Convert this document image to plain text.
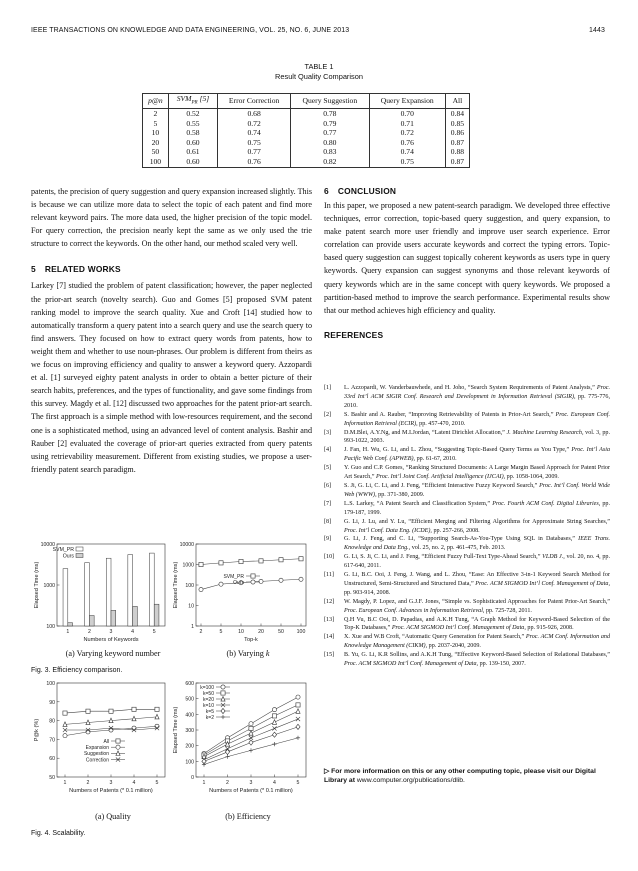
IEEE TRANSACTIONS ON KNOWLEDGE AND DATA ENGINEERING, VOL. 25, NO. 6, JUNE 2013	1443
TABLE 1
Result Quality Comparison
p@n	$SVM_{PR}$ [5]	Error Correction	Query Suggestion	Query Expansion	All
2	0.52	0.68	0.78	0.70	0.84
5	0.55	0.72	0.79	0.71	0.85
10	0.58	0.74	0.77	0.72	0.86
20	0.60	0.75	0.80	0.76	0.87
50	0.61	0.77	0.83	0.74	0.88
100	0.60	0.76	0.82	0.75	0.87

patents, the precision of query suggestion and query expansion increased slightly. This is because we can utilize more data to select the topic of each patent and find more relevant keyword pairs. The more data used, the higher precision of the topic model. For query correction, the precision nearly kept the same as we only used the trie structure to correct the keywords. On the other hand, our method scaled very well.

5 RELATED WORKS

Larkey [7] studied the problem of patent classification; however, the paper neglected the prior-art search (novelty search). Guo and Gomes [5] proposed SVM patent ranking model to improve the search quality. Xue and Croft [14] studied how to automatically transform a query patent into a search query and use the search query to find answers. They focused on how to extract query words from patents, how to weight them and whether to use noun-phrases. Our problem is different from theirs as we focus on improving efficiency and quality to answer a keyword query. Azzopardi et al. [1] surveyed eighty patent analysts in order to obtain a better picture of their search habits, preferences, and the types of functionality, and gave some findings from this survey. Magdy et al. [12] discussed two approaches for the patent prior-art search. The first approach is a simple method with low-resources requirement, and the second one is a sophisticated method, using an advanced level of content analysis. Bashir and Rauber [2] evaluated the coverage of prior-art queries extracted from query patents using retrievability measurement. Different from existing studies, we propose a user-friendly patent search paradigm.

6 CONCLUSION

In this paper, we proposed a new patent-search paradigm. We developed three effective techniques, error correction, topic-based query suggestion, and query expansion, to make patent search more user friendly and improve user search experience. Error correlation can provide users accurate keywords and correct the typing errors. Topic-based query suggestion can suggest topically coherent keywords as users type in query keywords. Query expansion can suggest synonyms and those relevant keywords of query keywords which are in the same concept with query keywords. We proposed a partition-based method to improve the search performance. Experimental results show that our method achieves high efficiency and quality.

REFERENCES
[1]	L. Azzopardi, W. Vanderbauwhede, and H. Joho, “Search System Requirements of Patent Analysts,” Proc. 33rd Int’l ACM SIGIR Conf. Research and Development in Information Retrieval (SIGIR), pp. 775-776, 2010.
[2]	S. Bashir and A. Rauber, “Improving Retrievability of Patents in Prior-Art Search,” Proc. European Conf. Information Retrieval (ECIR), pp. 457-470, 2010.
[3]	D.M.Blei, A.Y.Ng, and M.I.Jordan, “Latent Dirichlet Allocation,” J. Machine Learning Research, vol. 3, pp. 993-1022, 2003.
[4]	J. Fan, H. Wu, G. Li, and L. Zhou, “Suggesting Topic-Based Query Terms as You Type,” Proc. Int’l Asia Pacific Web Conf. (APWEB), pp. 61-67, 2010.
[5]	Y. Guo and C.P. Gomes, “Ranking Structured Documents: A Large Margin Based Approach for Patent Prior Art Search,” Proc. Int’l Joint Conf. Artificial Intelligence (IJCAI), pp. 1058-1064, 2009.
[6]	S. Ji, G. Li, C. Li, and J. Feng, “Efficient Interactive Fuzzy Keyword Search,” Proc. Int’l Conf. World Wide Web (WWW), pp. 371-380, 2009.
[7]	L.S. Larkey, “A Patent Search and Classification System,” Proc. Fourth ACM Conf. Digital Libraries, pp. 179-187, 1999.
[8]	G. Li, J. Lu, and Y. Lu, “Efficient Merging and Filtering Algorithms for Approximate String Searches,” Proc. Int’l Conf. Data Eng. (ICDE), pp. 257-266, 2008.
[9]	G. Li, J. Feng, and C. Li, “Supporting Search-As-You-Type Using SQL in Databases,” IEEE Trans. Knowledge and Data Eng., vol. 25, no. 2, pp. 461-475, Feb. 2013.
[10]	G. Li, S. Ji, C. Li, and J. Feng, “Efficient Fuzzy Full-Text Type-Ahead Search,” VLDB J., vol. 20, no. 4, pp. 617-640, 2011.
[11]	G. Li, B.C. Ooi, J. Feng, J. Wang, and L. Zhou, “Ease: An Effective 3-in-1 Keyword Search Method for Unstructured, Semi-Structured and Structured Data,” Proc. ACM SIGMOD Int’l Conf. Management of Data, pp. 903-914, 2008.
[12]	W. Magdy, P. Lopez, and G.J.F. Jones, “Simple vs. Sophisticated Approaches for Patent Prior-Art Search,” Proc. European Conf. Advances in Information Retrieval, pp. 725-728, 2011.
[13]	Q.H Vu, B.C Ooi, D. Papadias, and A.K.H Tung, “A Graph Method for Keyword-Based Selection of the Top-K Databases,” Proc. ACM SIGMOD Int’l Conf. Management of Data, pp. 915-926, 2008.
[14]	X. Xue and W.B Croft, “Automatic Query Generation for Patent Search,” Proc. ACM Conf. Information and Knowledge Management (CIKM), pp. 2037-2040, 2009.
[15]	B. Yu, G. Li, K.R Sollins, and A.K.H Tung, “Effective Keyword-Based Selection of Relational Databases,” Proc. ACM SIGMOD Int’l Conf. Management of Data, pp. 139-150, 2007.
▷ For more information on this or any other computing topic, please visit our Digital Library at www.computer.org/publications/dlib.
100
1000
10000
1	2	3	4	5
Numbers of Keywords
Elapsed Time (ms)
SVM_PR
Ours
1
10
100
1000
10000
2	5	10	20	50 100
Top-k
Elapsed Time (ms)	SVM_PR
Ours
(a) Varying keyword number	(b) Varying k
Fig. 3. Efficiency comparison.
50
60
70
80
90
100
1	2	3	4	5
Numbers of Patents (* 0.1 million)
P@k (%)
All
Expansion
Suggestion
Correction
0
100
200
300
400
500
600
1	2	3	4	5
Numbers of Patents (* 0.1 million)
Elapsed Time (ms)
k=100
k=50
k=20
k=10
k=5
k=2
(a) Quality	(b) Efficiency
Fig. 4. Scalability.
